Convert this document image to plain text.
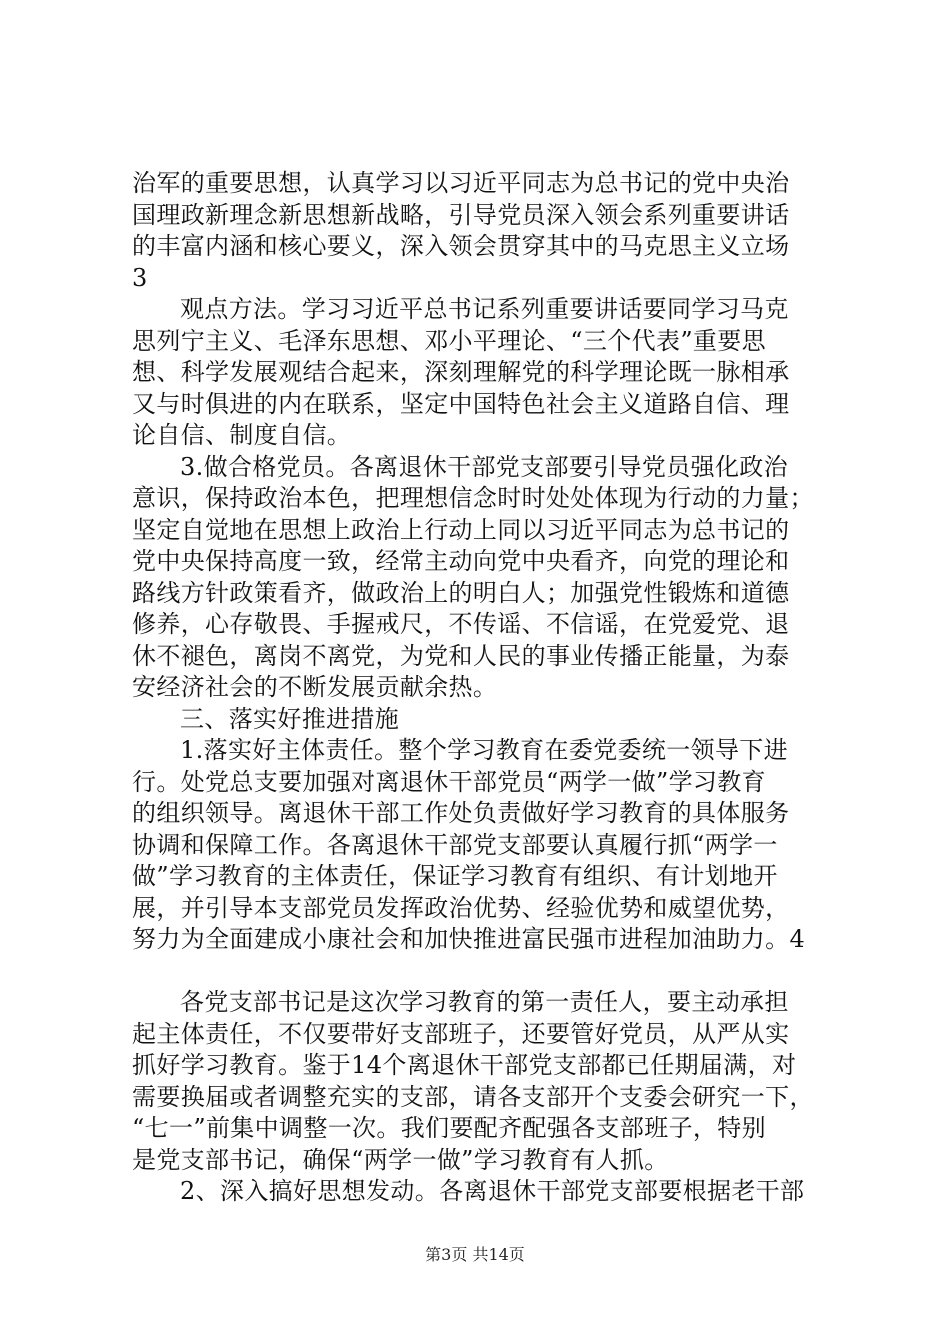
治军的重要思想，认真学习以习近平同志为总书记的党中央治
国理政新理念新思想新战略，引导党员深入领会系列重要讲话
的丰富内涵和核心要义，深入领会贯穿其中的马克思主义立场
3
观点方法。学习习近平总书记系列重要讲话要同学习马克
思列宁主义、毛泽东思想、邓小平理论、“三个代表”重要思
想、科学发展观结合起来，深刻理解党的科学理论既一脉相承
又与时俱进的内在联系，坚定中国特色社会主义道路自信、理
论自信、制度自信。
3.做合格党员。各离退休干部党支部要引导党员强化政治
意识，保持政治本色，把理想信念时时处处体现为行动的力量；
坚定自觉地在思想上政治上行动上同以习近平同志为总书记的
党中央保持高度一致，经常主动向党中央看齐，向党的理论和
路线方针政策看齐，做政治上的明白人；加强党性锻炼和道德
修养，心存敬畏、手握戒尺，不传谣、不信谣，在党爱党、退
休不褪色，离岗不离党，为党和人民的事业传播正能量，为泰
安经济社会的不断发展贡献余热。
三、落实好推进措施
1.落实好主体责任。整个学习教育在委党委统一领导下进
行。处党总支要加强对离退休干部党员“两学一做”学习教育
的组织领导。离退休干部工作处负责做好学习教育的具体服务
协调和保障工作。各离退休干部党支部要认真履行抓“两学一
做”学习教育的主体责任，保证学习教育有组织、有计划地开
展，并引导本支部党员发挥政治优势、经验优势和威望优势，
努力为全面建成小康社会和加快推进富民强市进程加油助力。4
各党支部书记是这次学习教育的第一责任人，要主动承担
起主体责任，不仅要带好支部班子，还要管好党员，从严从实
抓好学习教育。鉴于14个离退休干部党支部都已任期届满，对
需要换届或者调整充实的支部，请各支部开个支委会研究一下，
“七一”前集中调整一次。我们要配齐配强各支部班子，特别
是党支部书记，确保“两学一做”学习教育有人抓。
2、深入搞好思想发动。各离退休干部党支部要根据老干部
第3页 共14页
